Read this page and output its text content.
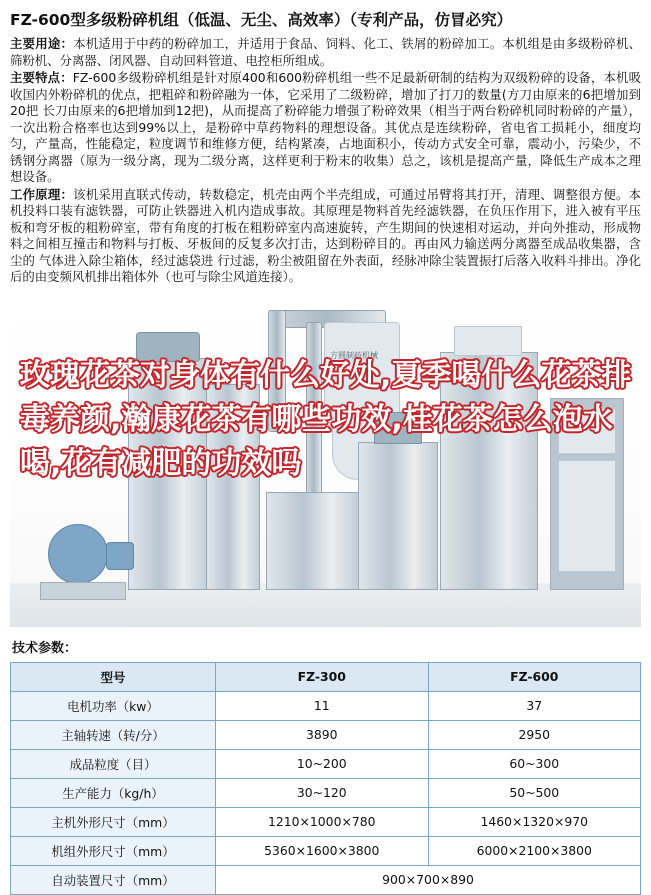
FZ-600型多级粉碎机组（低温、无尘、高效率）（专利产品，仿冒必究）

主要用途：本机适用于中药的粉碎加工，并适用于食品、饲料、化工、铁屑的粉碎加工。本机组是由多级粉碎机、筛粉机、分离器、闭风器、自动回料管道、电控柜所组成。

主要特点：FZ-600多级粉碎机组是针对原400和600粉碎机组一些不足最新研制的结构为双级粉碎的设备，本机吸收国内外粉碎机的优点，把粗碎和粉碎融为一体，它采用了二级粉碎，增加了打刀的数量(方刀由原来的6把增加到20把 长刀由原来的6把增加到12把)，从而提高了粉碎能力增强了粉碎效果（相当于两台粉碎机同时粉碎的产量），一次出粉合格率也达到99%以上，是粉碎中草药物料的理想设备。其优点是连续粉碎，省电省工损耗小，细度均匀，产量高，性能稳定，粒度调节和维修方便，结构紧凑，占地面积小，传动方式安全可靠，震动小，污染少，不锈钢分离器（原为一级分离，现为二级分离，这样更利于粉末的收集）总之，该机是提高产量，降低生产成本之理想设备。

工作原理：该机采用直联式传动，转数稳定，机壳由两个半壳组成，可通过吊臂将其打开，清理、调整很方便。本机投料口装有滤铁器，可防止铁器进入机内造成事故。其原理是物料首先经滤铁器，在负压作用下，进入被有平压板和弯牙板的粗粉碎室，带有角度的打板在粗粉碎室内高速旋转，产生期间的快速相对运动，并向外推动，形成物料之间相互撞击和物料与打板、牙板间的反复多次打击，达到粉碎目的。再由风力输送两分离器至成品收集器，含尘的 气体进入除尘箱体，经过滤袋进 行过滤，粉尘被阻留在外表面，经脉冲除尘装置振打后落入收料斗排出。净化后的由变频风机排出箱体外（也可与除尘风道连接）。

方圆制药机械
玫瑰花茶对身体有什么好处,夏季喝什么花茶排毒养颜,瀚康花茶有哪些功效,桂花茶怎么泡水喝,花有减肥的功效吗
技术参数：
型号	FZ-300	FZ-600
电机功率（kw）	11	37
主轴转速（转/分）	3890	2950
成品粒度（目）	10~200	60~300
生产能力（kg/h）	30~120	50~500
主机外形尺寸（mm）	1210×1000×780	1460×1320×970
机组外形尺寸（mm）	5360×1600×3800	6000×2100×3800
自动装置尺寸（mm）	900×700×890	
